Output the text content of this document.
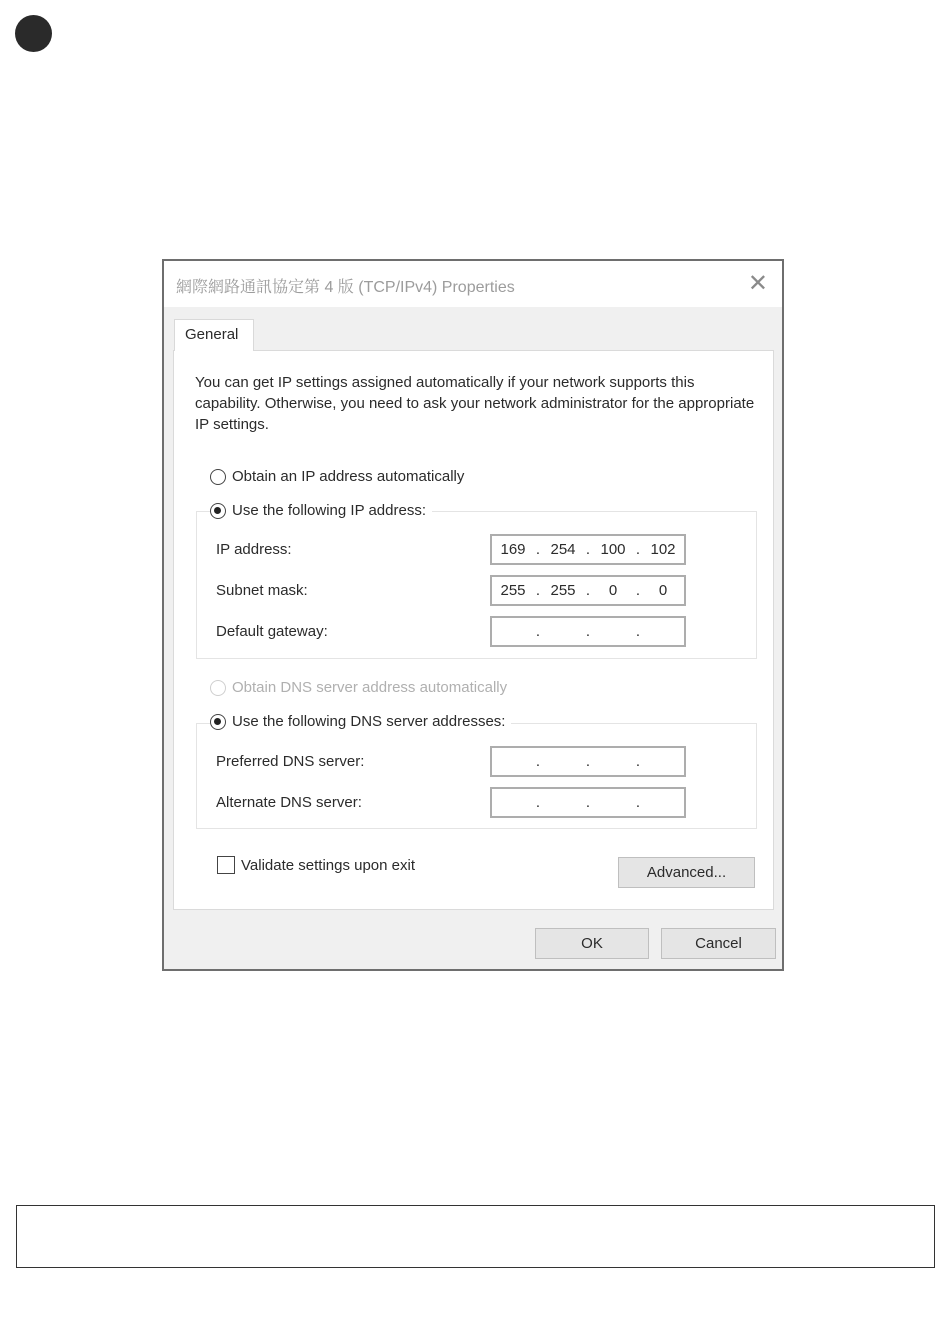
網際網路通訊協定第 4 版 (TCP/IPv4) Properties	✕
General

You can get IP settings assigned automatically if your network supports this capability. Otherwise, you need to ask your network administrator for the appropriate IP settings.

Obtain an IP address automatically
IP address:	169 . 254 . 100 . 102
Subnet mask:	255 . 255 .	0	.	0
Default gateway:	.	.	.
Use the following IP address:
Obtain DNS server address automatically
Preferred DNS server:	.	.	.
Alternate DNS server:	.	.	.
Use the following DNS server addresses:
Validate settings upon exit	Advanced...
OK	Cancel
